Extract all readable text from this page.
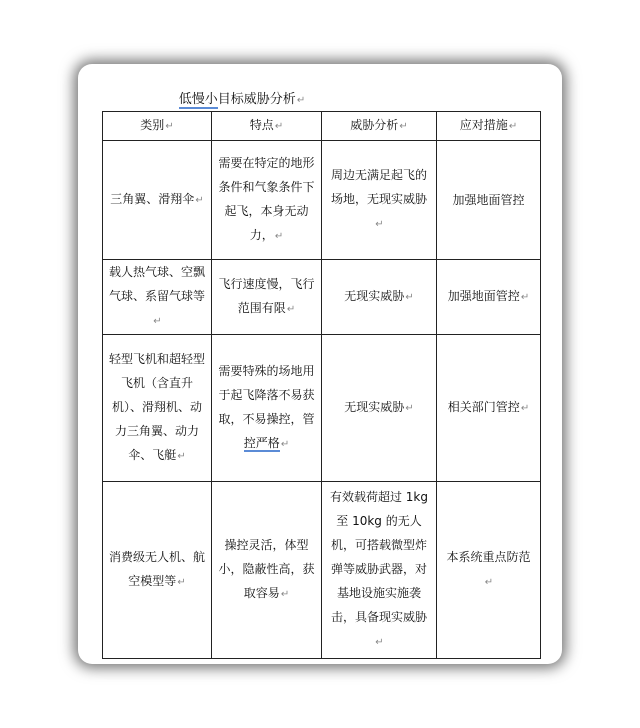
低慢小目标威胁分析↵
类别↵	特点↵	威胁分析↵	应对措施↵
三角翼、滑翔伞↵	需要在特定的地形条件和气象条件下起飞，本身无动力，↵	周边无满足起飞的场地，无现实威胁↵	加强地面管控
载人热气球、空飘气球、系留气球等↵	飞行速度慢，飞行范围有限↵	无现实威胁↵	加强地面管控↵
轻型飞机和超轻型飞机（含直升机）、滑翔机、动力三角翼、动力伞、飞艇↵	需要特殊的场地用于起飞降落不易获取，不易操控，管控严格↵	无现实威胁↵	相关部门管控↵
消费级无人机、航空模型等↵	操控灵活，体型小，隐蔽性高，获取容易↵	有效载荷超过 1kg 至 10kg 的无人机，可搭载微型炸弹等威胁武器，对基地设施实施袭击，具备现实威胁↵	本系统重点防范↵
